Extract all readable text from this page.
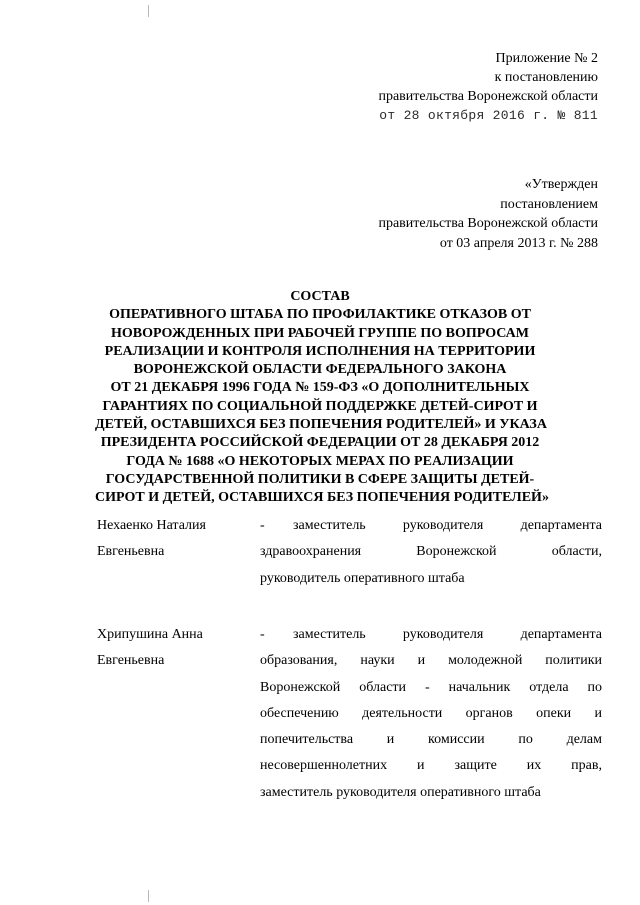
Приложение № 2
к постановлению
правительства Воронежской области
от 28 октября 2016 г. № 811
«Утвержден
постановлением
правительства Воронежской области
от 03 апреля 2013 г. № 288
СОСТАВ
ОПЕРАТИВНОГО ШТАБА ПО ПРОФИЛАКТИКЕ ОТКАЗОВ ОТ
НОВОРОЖДЕННЫХ ПРИ РАБОЧЕЙ ГРУППЕ ПО ВОПРОСАМ
РЕАЛИЗАЦИИ И КОНТРОЛЯ ИСПОЛНЕНИЯ НА ТЕРРИТОРИИ
ВОРОНЕЖСКОЙ ОБЛАСТИ ФЕДЕРАЛЬНОГО ЗАКОНА
ОТ 21 ДЕКАБРЯ 1996 ГОДА № 159-ФЗ «О ДОПОЛНИТЕЛЬНЫХ
ГАРАНТИЯХ ПО СОЦИАЛЬНОЙ ПОДДЕРЖКЕ ДЕТЕЙ-СИРОТ И
ДЕТЕЙ, ОСТАВШИХСЯ БЕЗ ПОПЕЧЕНИЯ РОДИТЕЛЕЙ» И УКАЗА
ПРЕЗИДЕНТА РОССИЙСКОЙ ФЕДЕРАЦИИ ОТ 28 ДЕКАБРЯ 2012
ГОДА № 1688 «О НЕКОТОРЫХ МЕРАХ ПО РЕАЛИЗАЦИИ
ГОСУДАРСТВЕННОЙ ПОЛИТИКИ В СФЕРЕ ЗАЩИТЫ ДЕТЕЙ-
СИРОТ И ДЕТЕЙ, ОСТАВШИХСЯ БЕЗ ПОПЕЧЕНИЯ РОДИТЕЛЕЙ»
Нехаенко Наталия
Евгеньевна
-	заместитель руководителя департамента
здравоохранения Воронежской области,
руководитель оперативного штаба
Хрипушина Анна
Евгеньевна
-	заместитель руководителя департамента
образования, науки и молодежной политики
Воронежской области - начальник отдела по
обеспечению деятельности органов опеки и
попечительства и комиссии по делам
несовершеннолетних и защите их прав,
заместитель руководителя оперативного штаба
